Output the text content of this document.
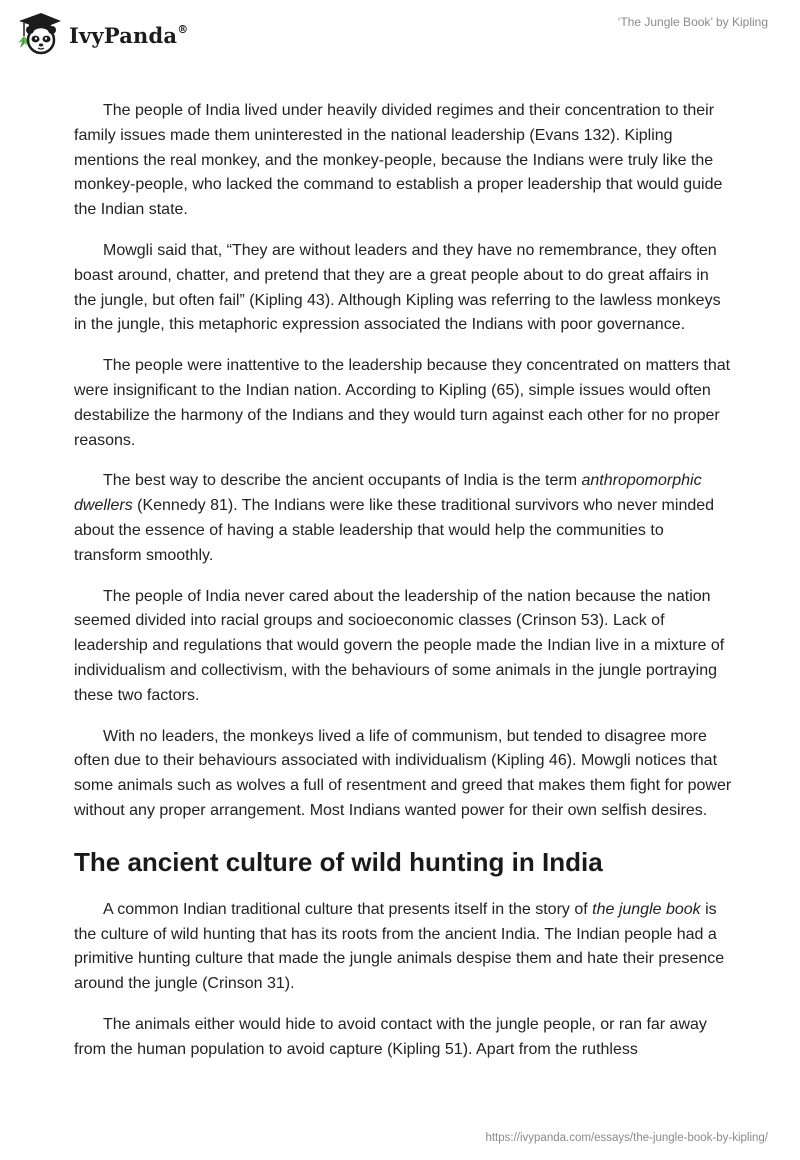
IvyPanda®	‘The Jungle Book’ by Kipling

The people of India lived under heavily divided regimes and their concentration to their family issues made them uninterested in the national leadership (Evans 132). Kipling mentions the real monkey, and the monkey-people, because the Indians were truly like the monkey-people, who lacked the command to establish a proper leadership that would guide the Indian state.

Mowgli said that, “They are without leaders and they have no remembrance, they often boast around, chatter, and pretend that they are a great people about to do great affairs in the jungle, but often fail” (Kipling 43). Although Kipling was referring to the lawless monkeys in the jungle, this metaphoric expression associated the Indians with poor governance.

The people were inattentive to the leadership because they concentrated on matters that were insignificant to the Indian nation. According to Kipling (65), simple issues would often destabilize the harmony of the Indians and they would turn against each other for no proper reasons.

The best way to describe the ancient occupants of India is the term anthropomorphic dwellers (Kennedy 81). The Indians were like these traditional survivors who never minded about the essence of having a stable leadership that would help the communities to transform smoothly.

The people of India never cared about the leadership of the nation because the nation seemed divided into racial groups and socioeconomic classes (Crinson 53). Lack of leadership and regulations that would govern the people made the Indian live in a mixture of individualism and collectivism, with the behaviours of some animals in the jungle portraying these two factors.

With no leaders, the monkeys lived a life of communism, but tended to disagree more often due to their behaviours associated with individualism (Kipling 46). Mowgli notices that some animals such as wolves a full of resentment and greed that makes them fight for power without any proper arrangement. Most Indians wanted power for their own selfish desires.

The ancient culture of wild hunting in India

A common Indian traditional culture that presents itself in the story of the jungle book is the culture of wild hunting that has its roots from the ancient India. The Indian people had a primitive hunting culture that made the jungle animals despise them and hate their presence around the jungle (Crinson 31).

The animals either would hide to avoid contact with the jungle people, or ran far away from the human population to avoid capture (Kipling 51). Apart from the ruthless

https://ivypanda.com/essays/the-jungle-book-by-kipling/
